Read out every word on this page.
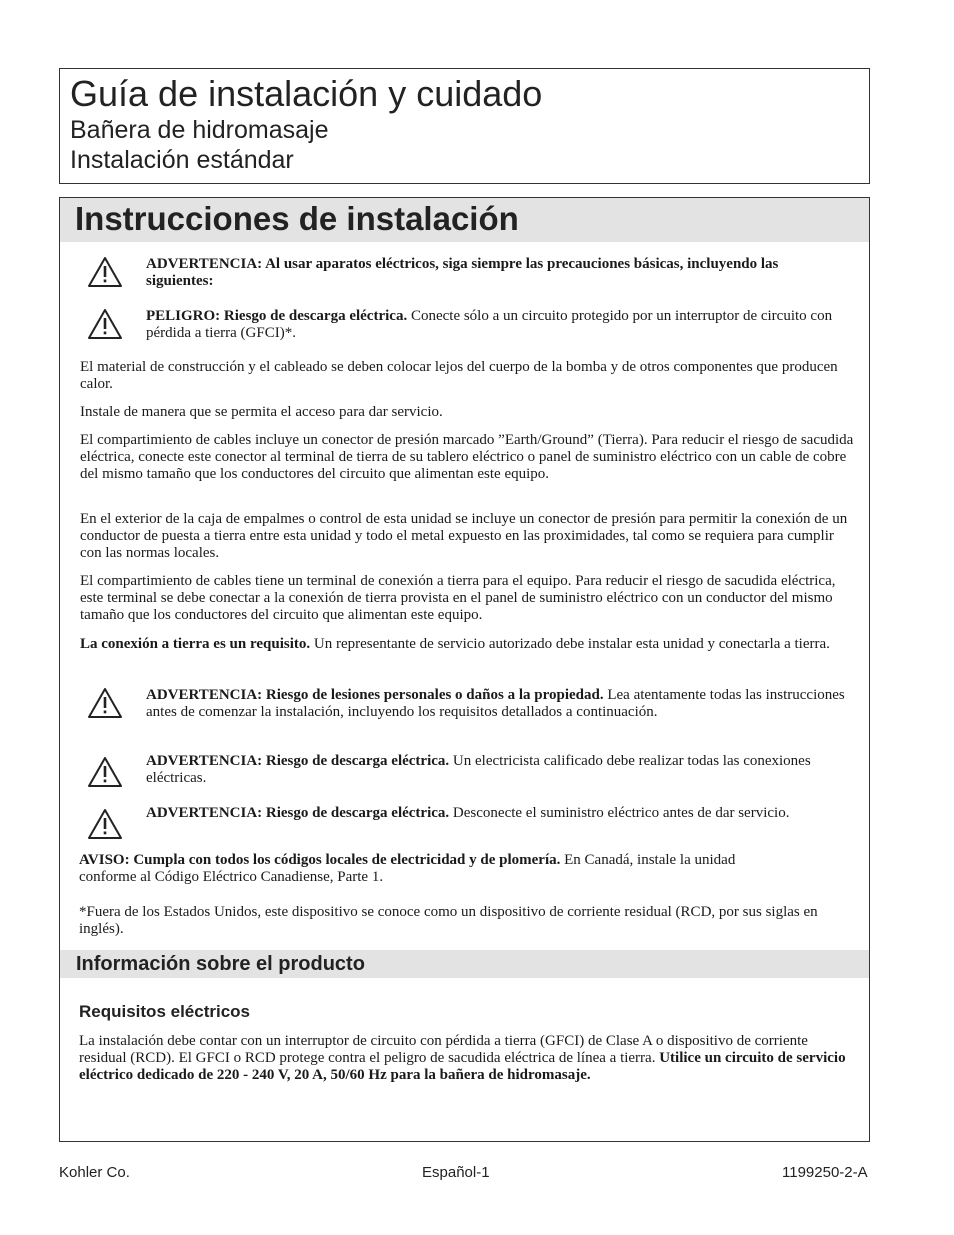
Guía de instalación y cuidado
Bañera de hidromasaje
Instalación estándar
Instrucciones de instalación
ADVERTENCIA: Al usar aparatos eléctricos, siga siempre las precauciones básicas, incluyendo las siguientes:
PELIGRO: Riesgo de descarga eléctrica. Conecte sólo a un circuito protegido por un interruptor de circuito con pérdida a tierra (GFCI)*.
El material de construcción y el cableado se deben colocar lejos del cuerpo de la bomba y de otros componentes que producen calor.
Instale de manera que se permita el acceso para dar servicio.
El compartimiento de cables incluye un conector de presión marcado ”Earth/Ground” (Tierra). Para reducir el riesgo de sacudida eléctrica, conecte este conector al terminal de tierra de su tablero eléctrico o panel de suministro eléctrico con un cable de cobre del mismo tamaño que los conductores del circuito que alimentan este equipo.
En el exterior de la caja de empalmes o control de esta unidad se incluye un conector de presión para permitir la conexión de un conductor de puesta a tierra entre esta unidad y todo el metal expuesto en las proximidades, tal como se requiera para cumplir con las normas locales.
El compartimiento de cables tiene un terminal de conexión a tierra para el equipo. Para reducir el riesgo de sacudida eléctrica, este terminal se debe conectar a la conexión de tierra provista en el panel de suministro eléctrico con un conductor del mismo tamaño que los conductores del circuito que alimentan este equipo.
La conexión a tierra es un requisito. Un representante de servicio autorizado debe instalar esta unidad y conectarla a tierra.
ADVERTENCIA: Riesgo de lesiones personales o daños a la propiedad. Lea atentamente todas las instrucciones antes de comenzar la instalación, incluyendo los requisitos detallados a continuación.
ADVERTENCIA: Riesgo de descarga eléctrica. Un electricista calificado debe realizar todas las conexiones eléctricas.
ADVERTENCIA: Riesgo de descarga eléctrica. Desconecte el suministro eléctrico antes de dar servicio.
AVISO: Cumpla con todos los códigos locales de electricidad y de plomería. En Canadá, instale la unidad conforme al Código Eléctrico Canadiense, Parte 1.
*Fuera de los Estados Unidos, este dispositivo se conoce como un dispositivo de corriente residual (RCD, por sus siglas en inglés).
Información sobre el producto
Requisitos eléctricos
La instalación debe contar con un interruptor de circuito con pérdida a tierra (GFCI) de Clase A o dispositivo de corriente residual (RCD). El GFCI o RCD protege contra el peligro de sacudida eléctrica de línea a tierra. Utilice un circuito de servicio eléctrico dedicado de 220 - 240 V, 20 A, 50/60 Hz para la bañera de hidromasaje.
Kohler Co.	Español-1	1199250-2-A
